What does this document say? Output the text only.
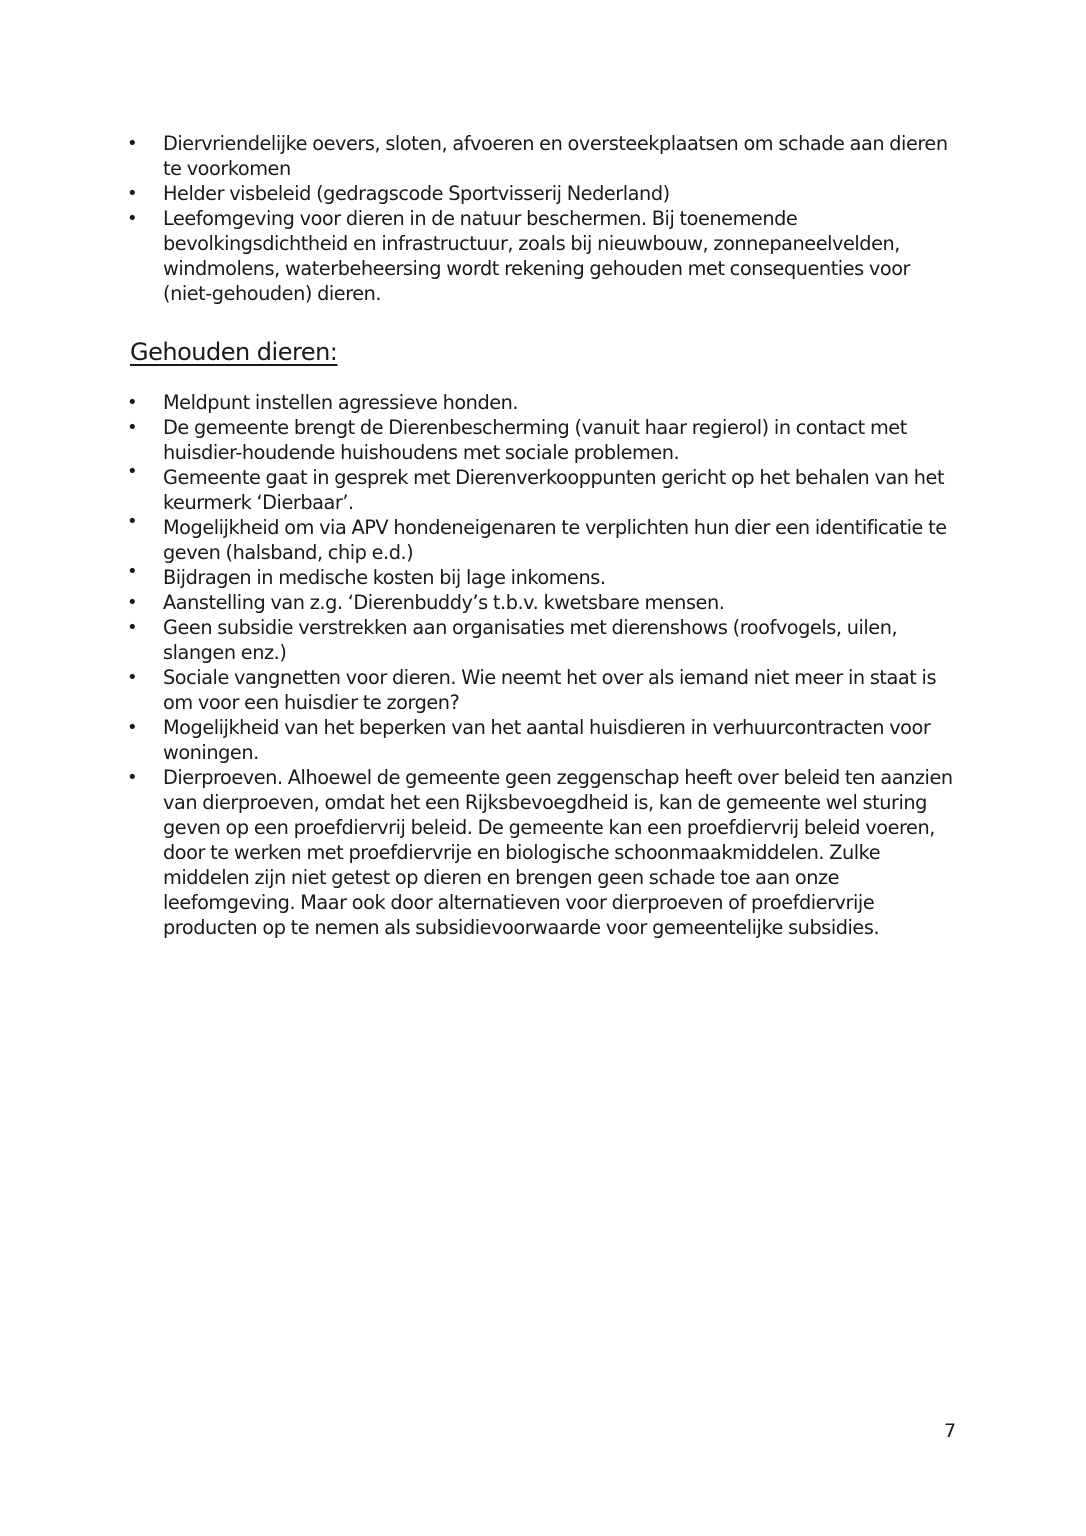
• Diervriendelijke oevers, sloten, afvoeren en oversteekplaatsen om schade aan dieren te voorkomen
• Helder visbeleid (gedragscode Sportvisserij Nederland)
• Leefomgeving voor dieren in de natuur beschermen. Bij toenemende bevolkingsdichtheid en infrastructuur, zoals bij nieuwbouw, zonnepaneelvelden, windmolens, waterbeheersing wordt rekening gehouden met consequenties voor (niet-gehouden) dieren.
Gehouden dieren:
• Meldpunt instellen agressieve honden.
• De gemeente brengt de Dierenbescherming (vanuit haar regierol) in contact met huisdier-houdende huishoudens met sociale problemen.
• Gemeente gaat in gesprek met Dierenverkooppunten gericht op het behalen van het keurmerk ‘Dierbaar’.
• Mogelijkheid om via APV hondeneigenaren te verplichten hun dier een identificatie te geven (halsband, chip e.d.)
• Bijdragen in medische kosten bij lage inkomens.
• Aanstelling van z.g. ‘Dierenbuddy’s t.b.v. kwetsbare mensen.
• Geen subsidie verstrekken aan organisaties met dierenshows (roofvogels, uilen, slangen enz.)
• Sociale vangnetten voor dieren. Wie neemt het over als iemand niet meer in staat is om voor een huisdier te zorgen?
• Mogelijkheid van het beperken van het aantal huisdieren in verhuurcontracten voor woningen.
• Dierproeven. Alhoewel de gemeente geen zeggenschap heeft over beleid ten aanzien van dierproeven, omdat het een Rijksbevoegdheid is, kan de gemeente wel sturing geven op een proefdiervrij beleid. De gemeente kan een proefdiervrij beleid voeren, door te werken met proefdiervrije en biologische schoonmaakmiddelen. Zulke middelen zijn niet getest op dieren en brengen geen schade toe aan onze leefomgeving. Maar ook door alternatieven voor dierproeven of proefdiervrije producten op te nemen als subsidievoorwaarde voor gemeentelijke subsidies.
7
